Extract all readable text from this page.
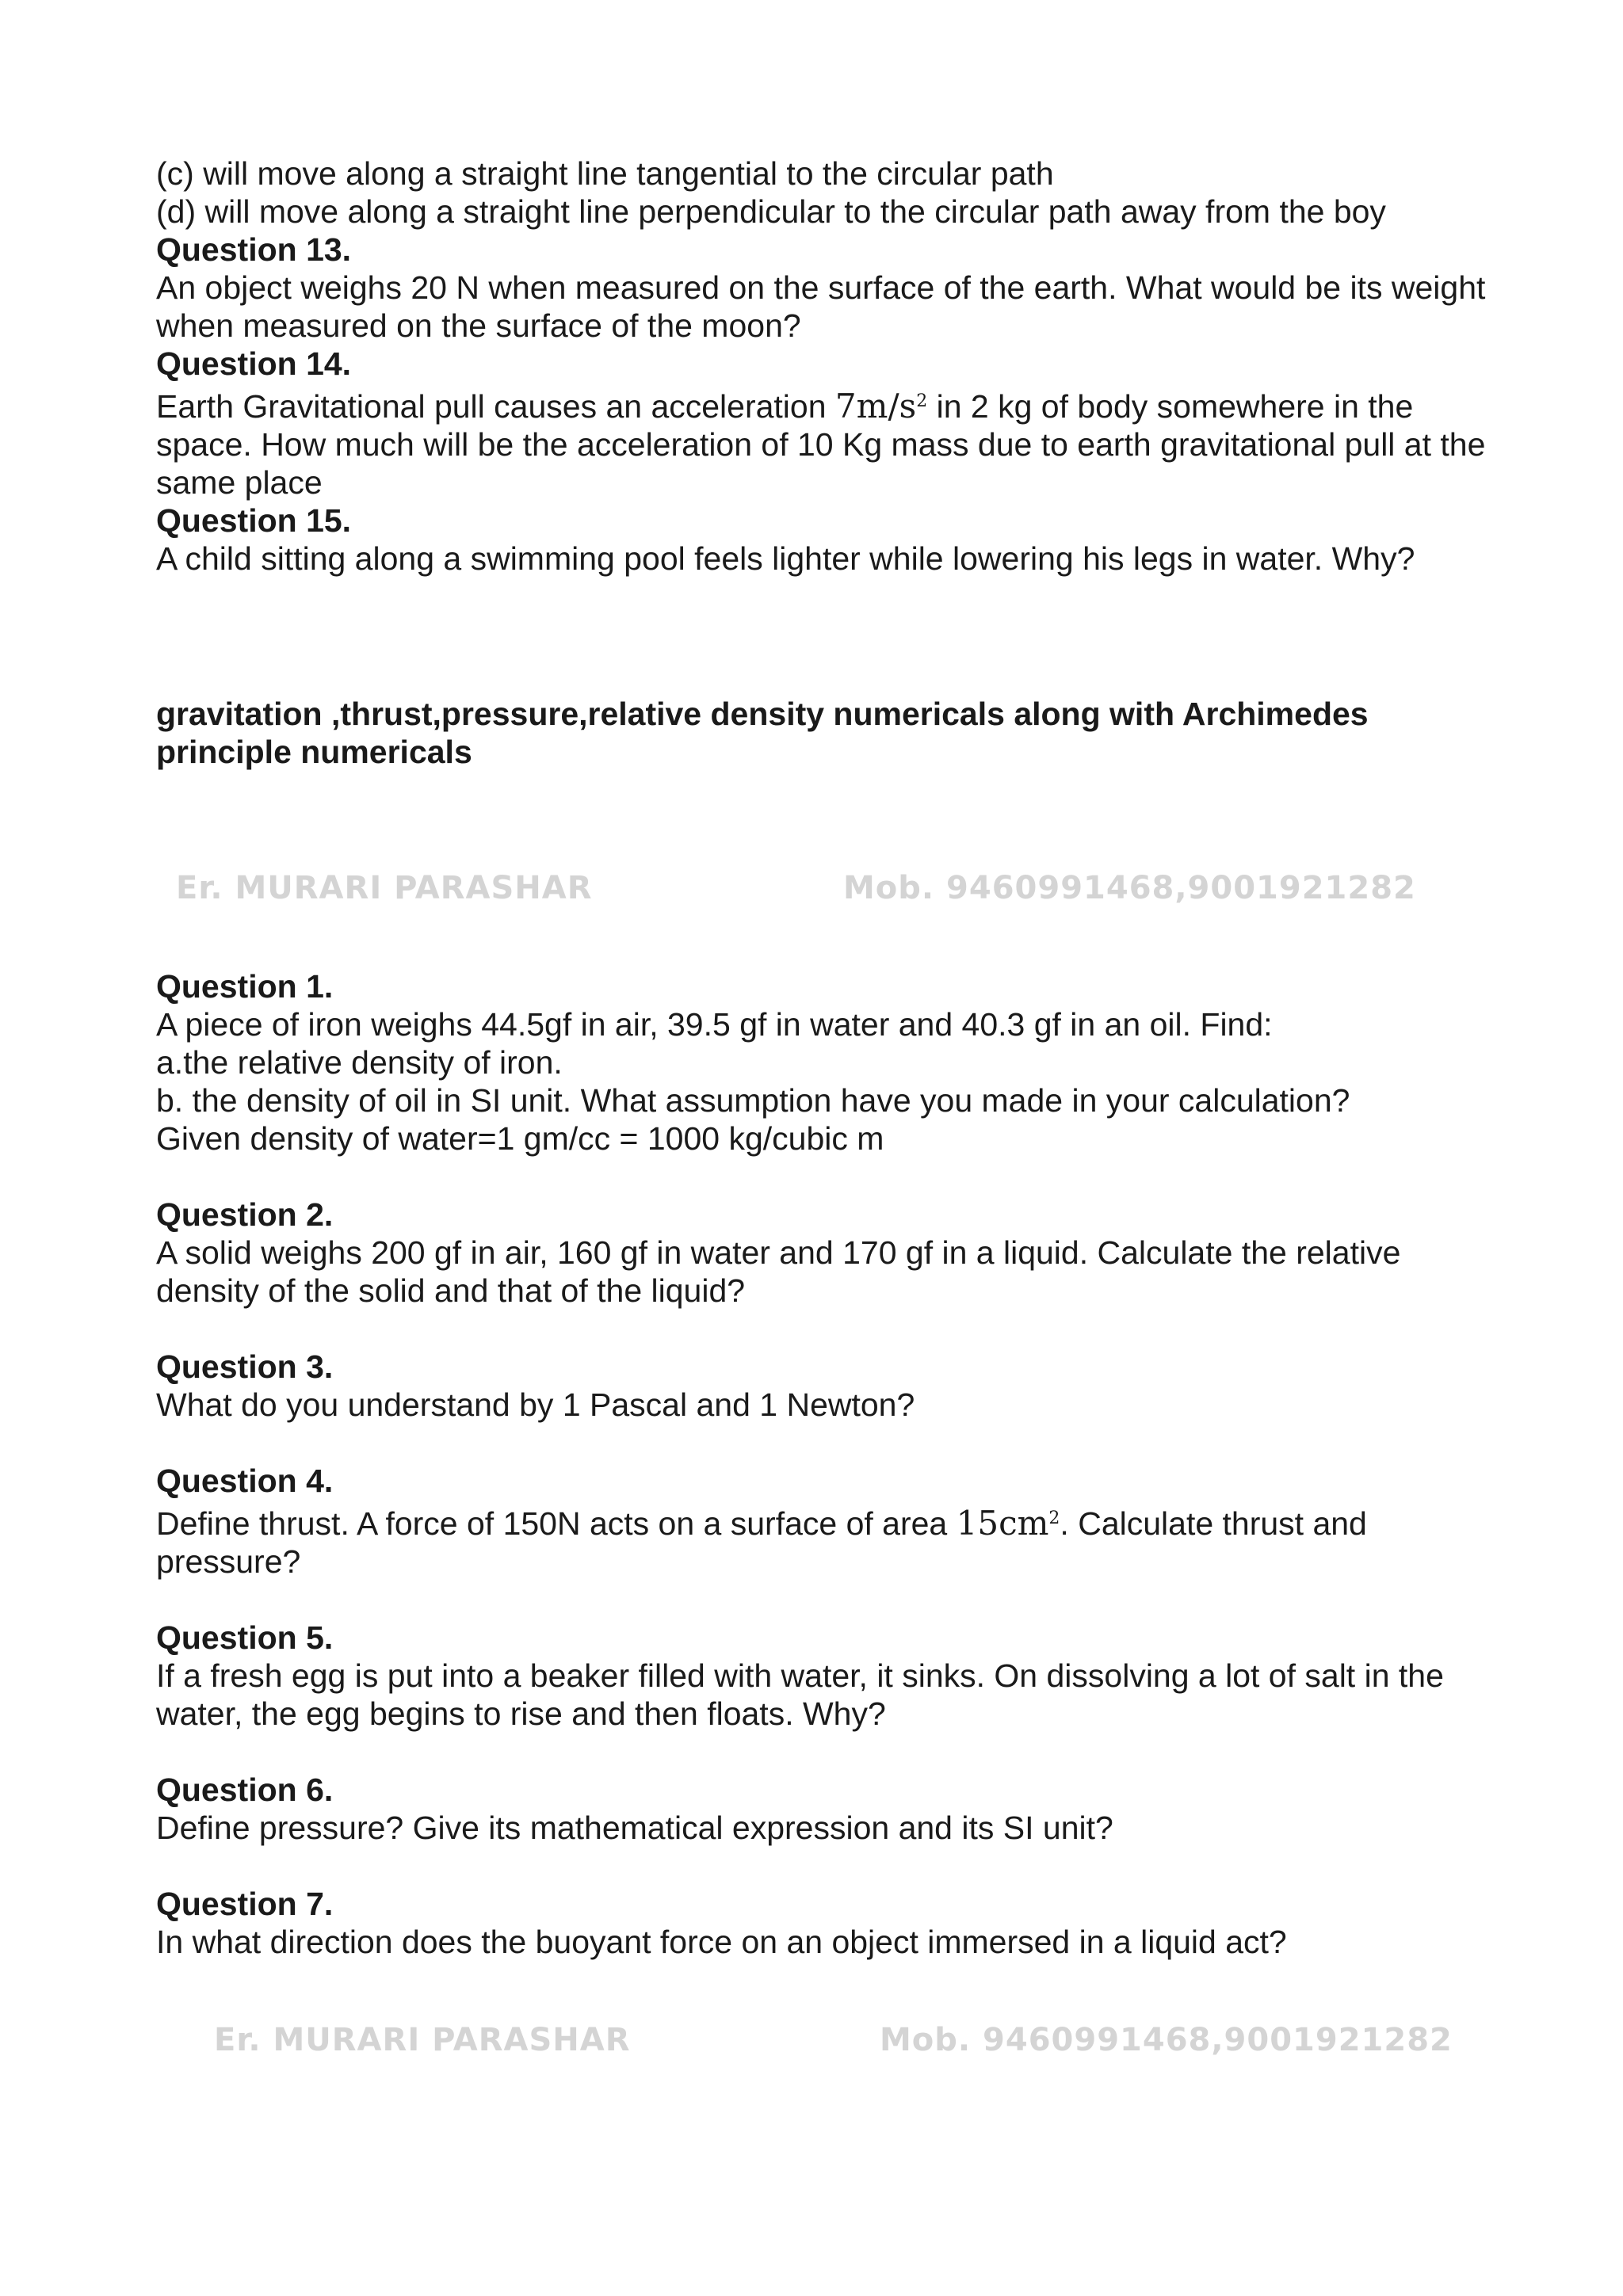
(c) will move along a straight line tangential to the circular path
(d) will move along a straight line perpendicular to the circular path away from the boy
Question 13.
An object weighs 20 N when measured on the surface of the earth. What would be its weight when measured on the surface of the moon?
Question 14.
Earth Gravitational pull causes an acceleration $7m/s^2$ in 2 kg of body somewhere in the space. How much will be the acceleration of 10 Kg mass due to earth gravitational pull at the same place
Question 15.
A child sitting along a swimming pool feels lighter while lowering his legs in water. Why?
gravitation ,thrust,pressure,relative density numericals along with Archimedes principle numericals
Question 1.
A piece of iron weighs 44.5gf in air, 39.5 gf in water and 40.3 gf in an oil. Find:
a.the relative density of iron.
b. the density of oil in SI unit. What assumption have you made in your calculation?
Given density of water=1 gm/cc = 1000 kg/cubic m
Question 2.
A solid weighs 200 gf in air, 160 gf in water and 170 gf in a liquid. Calculate the relative density of the solid and that of the liquid?
Question 3.
What do you understand by 1 Pascal and 1 Newton?
Question 4.
Define thrust. A force of 150N acts on a surface of area $15cm^2$. Calculate thrust and pressure?
Question 5.
If a fresh egg is put into a beaker filled with water, it sinks. On dissolving a lot of salt in the water, the egg begins to rise and then floats. Why?
Question 6.
Define pressure? Give its mathematical expression and its SI unit?
Question 7.
In what direction does the buoyant force on an object immersed in a liquid act?
Er. MURARI PARASHAR	Mob. 9460991468,9001921282
Er. MURARI PARASHAR	Mob. 9460991468,9001921282
